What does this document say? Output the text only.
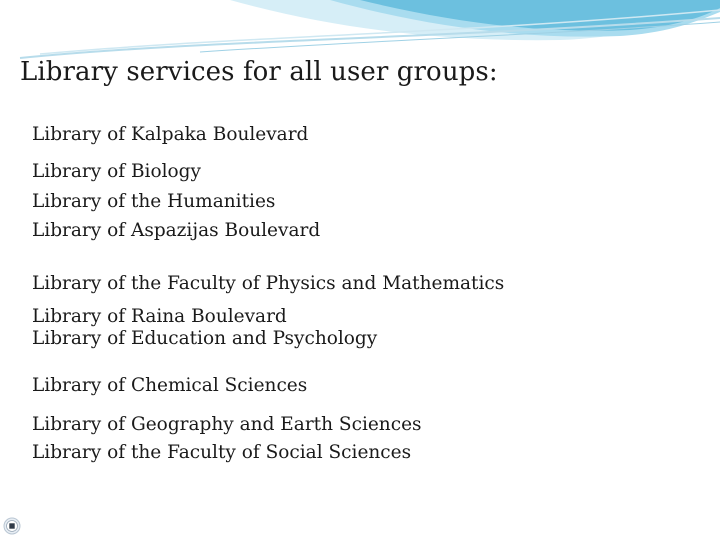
Library services for all user groups:

Library of Kalpaka Boulevard

Library of Biology

Library of the Humanities

Library of Aspazijas Boulevard

Library of the Faculty of Physics and Mathematics

Library of Raina Boulevard

Library of Education and Psychology

Library of Chemical Sciences

Library of Geography and Earth Sciences

Library of the Faculty of Social Sciences
